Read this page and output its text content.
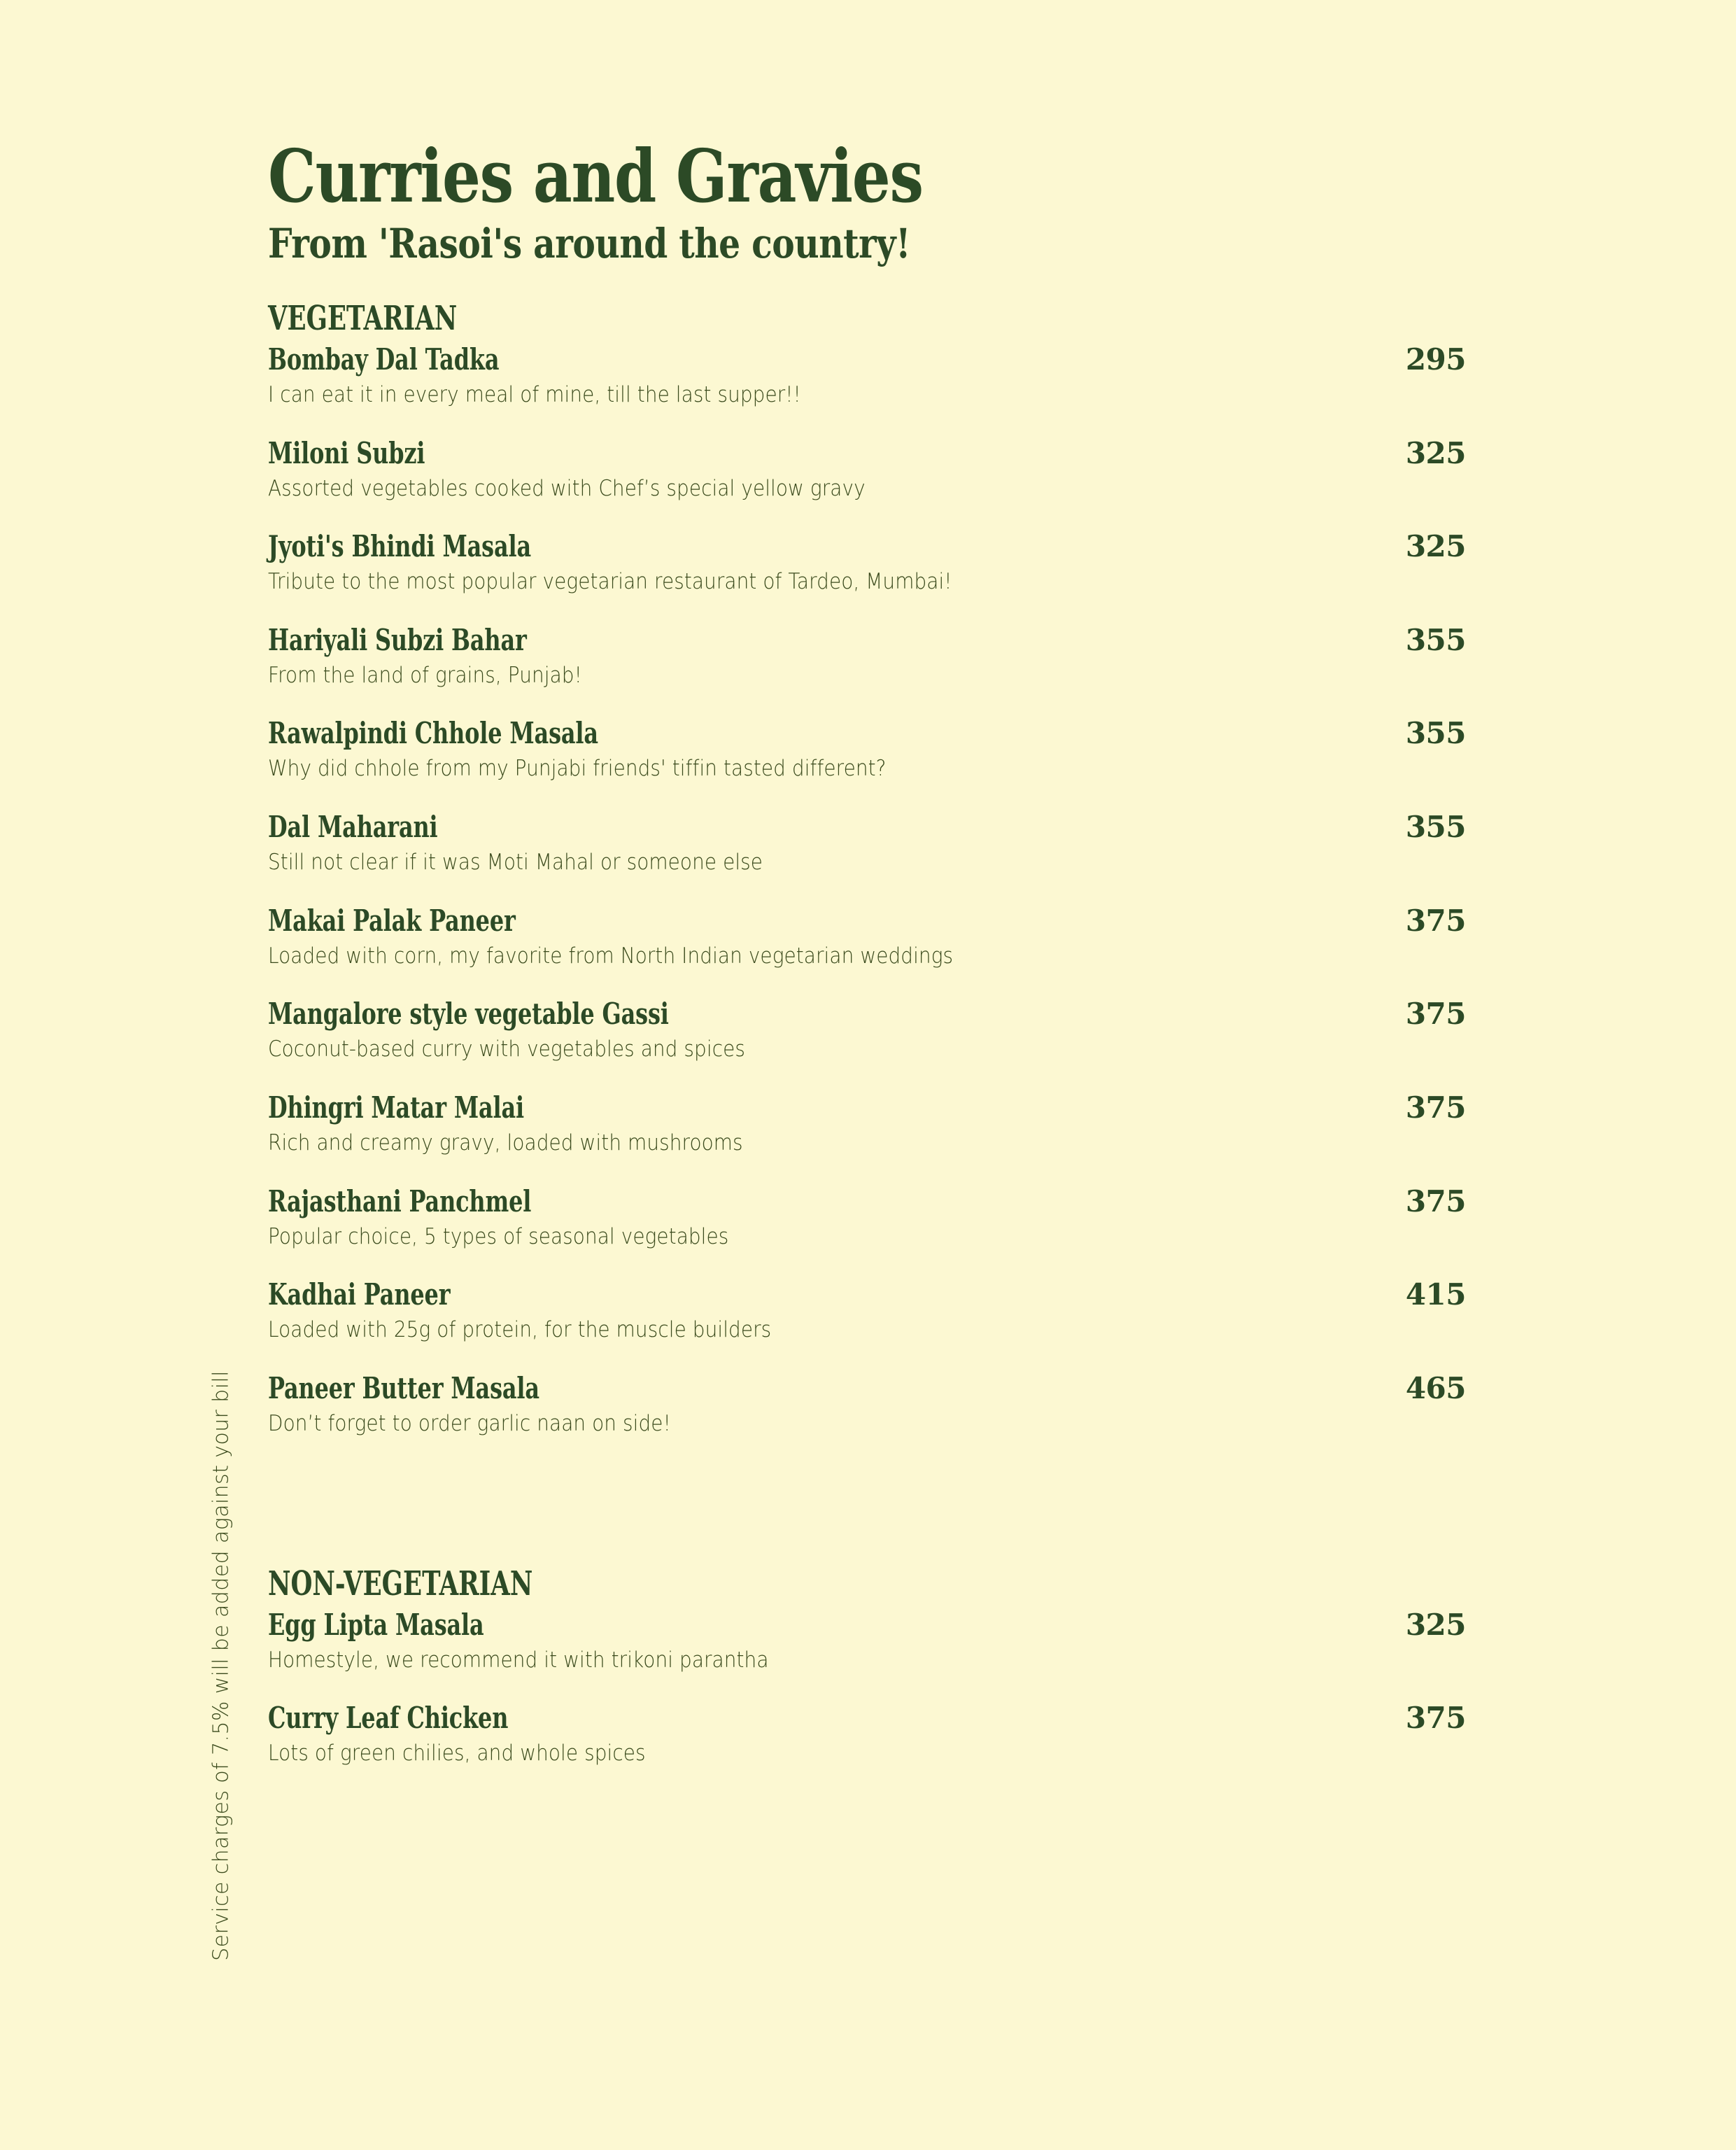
Service charges of 7.5% will be added against your bill
Curries and Gravies
From 'Rasoi's around the country!
VEGETARIAN
Bombay Dal Tadka	295
I can eat it in every meal of mine, till the last supper!!
Miloni Subzi	325
Assorted vegetables cooked with Chef’s special yellow gravy
Jyoti's Bhindi Masala	325
Tribute to the most popular vegetarian restaurant of Tardeo, Mumbai!
Hariyali Subzi Bahar	355
From the land of grains, Punjab!
Rawalpindi Chhole Masala	355
Why did chhole from my Punjabi friends' tiffin tasted different?
Dal Maharani	355
Still not clear if it was Moti Mahal or someone else
Makai Palak Paneer	375
Loaded with corn, my favorite from North Indian vegetarian weddings
Mangalore style vegetable Gassi	375
Coconut-based curry with vegetables and spices
Dhingri Matar Malai	375
Rich and creamy gravy, loaded with mushrooms
Rajasthani Panchmel	375
Popular choice, 5 types of seasonal vegetables
Kadhai Paneer	415
Loaded with 25g of protein, for the muscle builders
Paneer Butter Masala	465
Don’t forget to order garlic naan on side!
NON-VEGETARIAN
Egg Lipta Masala	325
Homestyle, we recommend it with trikoni parantha
Curry Leaf Chicken	375
Lots of green chilies, and whole spices
